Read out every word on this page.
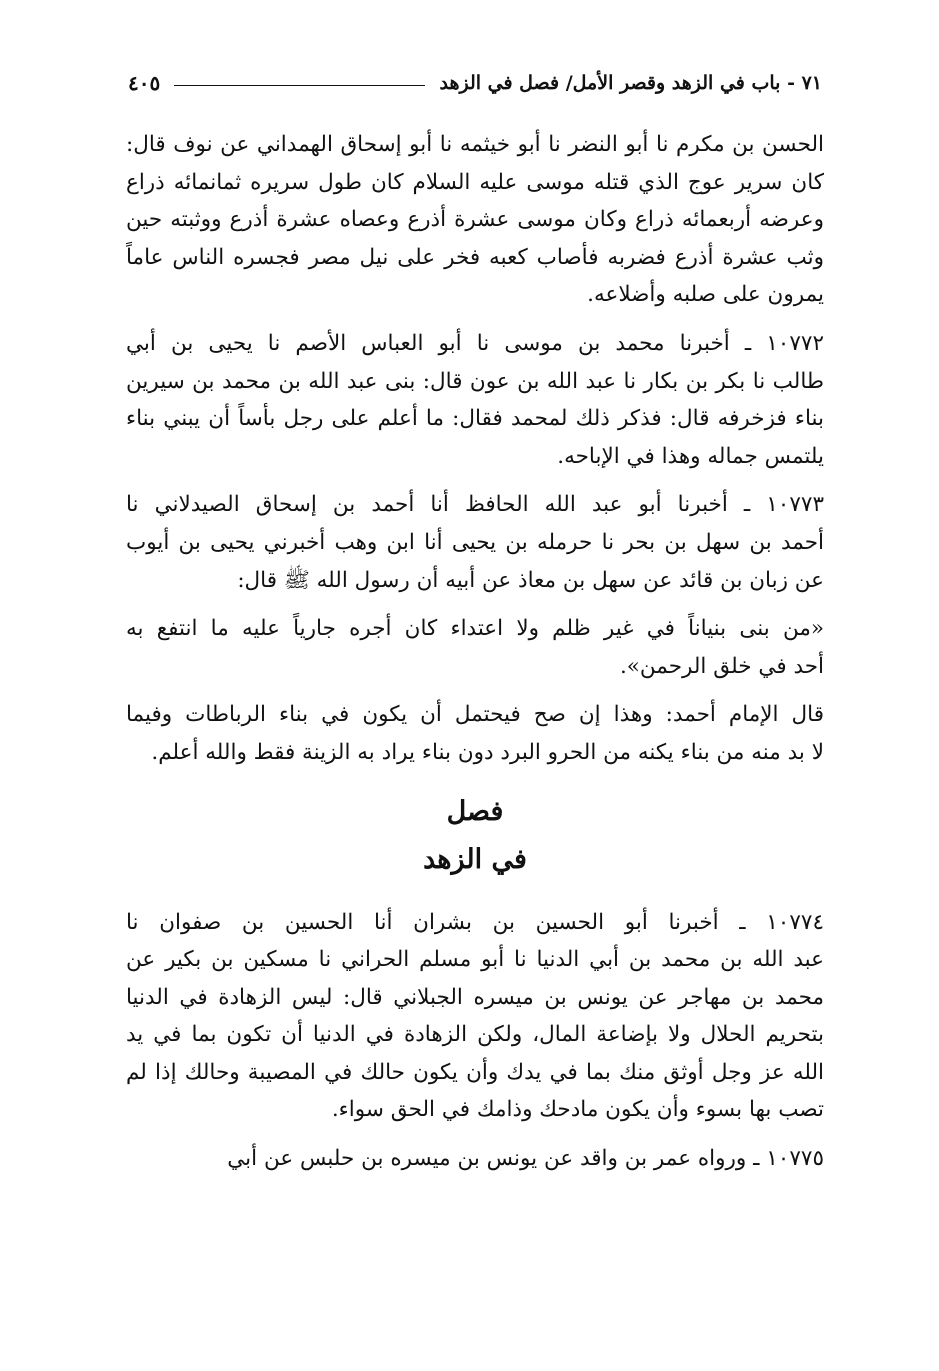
٧١ - باب في الزهد وقصر الأمل/ فصل في الزهد
٤٠٥

الحسن بن مكرم نا أبو النضر نا أبو خيثمه نا أبو إسحاق الهمداني عن نوف قال:
كان سرير عوج الذي قتله موسى عليه السلام كان طول سريره ثمانمائه ذراع
وعرضه أربعمائه ذراع وكان موسى عشرة أذرع وعصاه عشرة أذرع ووثبته حين
وثب عشرة أذرع فضربه فأصاب كعبه فخر على نيل مصر فجسره الناس عاماً
يمرون على صلبه وأضلاعه.

١٠٧٧٢ ـ أخبرنا محمد بن موسى نا أبو العباس الأصم نا يحيى بن أبي
طالب نا بكر بن بكار نا عبد الله بن عون قال: بنى عبد الله بن محمد بن سيرين
بناء فزخرفه قال: فذكر ذلك لمحمد فقال: ما أعلم على رجل بأساً أن يبني بناء
يلتمس جماله وهذا في الإباحه.

١٠٧٧٣ ـ أخبرنا أبو عبد الله الحافظ أنا أحمد بن إسحاق الصيدلاني نا
أحمد بن سهل بن بحر نا حرمله بن يحيى أنا ابن وهب أخبرني يحيى بن أيوب
عن زبان بن قائد عن سهل بن معاذ عن أبيه أن رسول الله ﷺ قال:

«من بنى بنياناً في غير ظلم ولا اعتداء كان أجره جارياً عليه ما انتفع به
أحد في خلق الرحمن».

قال الإمام أحمد: وهذا إن صح فيحتمل أن يكون في بناء الرباطات وفيما
لا بد منه من بناء يكنه من الحرو البرد دون بناء يراد به الزينة فقط والله أعلم.

فصل
في الزهد

١٠٧٧٤ ـ أخبرنا أبو الحسين بن بشران أنا الحسين بن صفوان نا
عبد الله بن محمد بن أبي الدنيا نا أبو مسلم الحراني نا مسكين بن بكير عن
محمد بن مهاجر عن يونس بن ميسره الجبلاني قال: ليس الزهادة في الدنيا
بتحريم الحلال ولا بإضاعة المال، ولكن الزهادة في الدنيا أن تكون بما في يد
الله عز وجل أوثق منك بما في يدك وأن يكون حالك في المصيبة وحالك إذا لم
تصب بها بسوء وأن يكون مادحك وذامك في الحق سواء.

١٠٧٧٥ ـ ورواه عمر بن واقد عن يونس بن ميسره بن حلبس عن أبي
